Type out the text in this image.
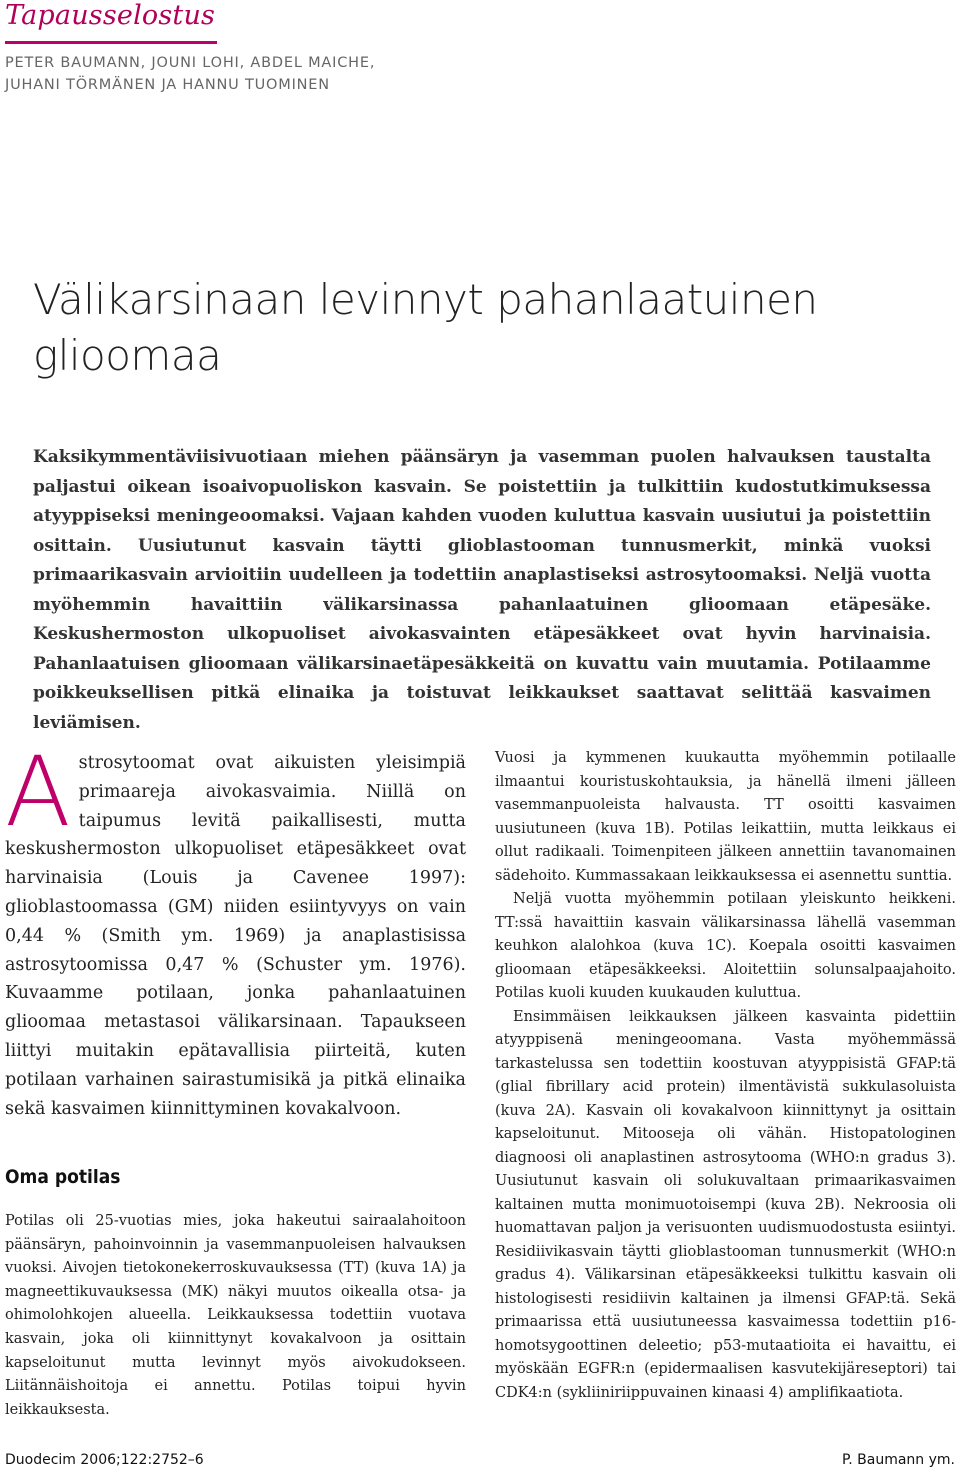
Tapausselostus
PETER BAUMANN, JOUNI LOHI, ABDEL MAICHE,
JUHANI TÖRMÄNEN JA HANNU TUOMINEN
Välikarsinaan levinnyt pahanlaatuinen glioomaa
Kaksikymmentäviisivuotiaan miehen päänsäryn ja vasemman puolen halvauksen taustalta paljastui oikean isoaivopuoliskon kasvain. Se poistettiin ja tulkittiin kudostutkimuksessa atyyppiseksi meningeoomaksi. Vajaan kahden vuoden kuluttua kasvain uusiutui ja poistettiin osittain. Uusiutunut kasvain täytti glioblastooman tunnusmerkit, minkä vuoksi primaarikasvain arvioitiin uudelleen ja todettiin anaplastiseksi astrosytoomaksi. Neljä vuotta myöhemmin havaittiin välikarsinassa pahanlaatuinen glioomaan etäpesäke. Keskushermoston ulkopuoliset aivokasvainten etäpesäkkeet ovat hyvin harvinaisia. Pahanlaatuisen glioomaan välikarsinaetäpesäkkeitä on kuvattu vain muutamia. Potilaamme poikkeuksellisen pitkä elinaika ja toistuvat leikkaukset saattavat selittää kasvaimen leviämisen.
A strosytoomat ovat aikuisten yleisimpiä primaareja aivokasvaimia. Niillä on taipumus levitä paikallisesti, mutta keskushermoston ulkopuoliset etäpesäkkeet ovat harvinaisia (Louis ja Cavenee 1997): glioblastoomassa (GM) niiden esiintyvyys on vain 0,44 % (Smith ym. 1969) ja anaplastisissa astrosytoomissa 0,47 % (Schuster ym. 1976). Kuvaamme potilaan, jonka pahanlaatuinen glioomaa metastasoi välikarsinaan. Tapaukseen liittyi muitakin epätavallisia piirteitä, kuten potilaan varhainen sairastumisikä ja pitkä elinaika sekä kasvaimen kiinnittyminen kovakalvoon.
Oma potilas
Potilas oli 25-vuotias mies, joka hakeutui sairaalahoitoon päänsäryn, pahoinvoinnin ja vasemmanpuoleisen halvauksen vuoksi. Aivojen tietokonekerroskuvauksessa (TT) (kuva 1A) ja magneettikuvauksessa (MK) näkyi muutos oikealla otsa- ja ohimolohkojen alueella. Leikkauksessa todettiin vuotava kasvain, joka oli kiinnittynyt kovakalvoon ja osittain kapseloitunut mutta levinnyt myös aivokudokseen. Liitännäishoitoja ei annettu. Potilas toipui hyvin leikkauksesta.

Vuosi ja kymmenen kuukautta myöhemmin potilaalle ilmaantui kouristuskohtauksia, ja hänellä ilmeni jälleen vasemmanpuoleista halvausta. TT osoitti kasvaimen uusiutuneen (kuva 1B). Potilas leikattiin, mutta leikkaus ei ollut radikaali. Toimenpiteen jälkeen annettiin tavanomainen sädehoito. Kummassakaan leikkauksessa ei asennettu sunttia.

Neljä vuotta myöhemmin potilaan yleiskunto heikkeni. TT:ssä havaittiin kasvain välikarsinassa lähellä vasemman keuhkon alalohkoa (kuva 1C). Koepala osoitti kasvaimen glioomaan etäpesäkkeeksi. Aloitettiin solunsalpaajahoito. Potilas kuoli kuuden kuukauden kuluttua.

Ensimmäisen leikkauksen jälkeen kasvainta pidettiin atyyppisenä meningeoomana. Vasta myöhemmässä tarkastelussa sen todettiin koostuvan atyyppisistä GFAP:tä (glial fibrillary acid protein) ilmentävistä sukkulasoluista (kuva 2A). Kasvain oli kovakalvoon kiinnittynyt ja osittain kapseloitunut. Mitooseja oli vähän. Histopatologinen diagnoosi oli anaplastinen astrosytooma (WHO:n gradus 3). Uusiutunut kasvain oli solukuvaltaan primaarikasvaimen kaltainen mutta monimuotoisempi (kuva 2B). Nekroosia oli huomattavan paljon ja verisuonten uudismuodostusta esiintyi. Residiivikasvain täytti glioblastooman tunnusmerkit (WHO:n gradus 4). Välikarsinan etäpesäkkeeksi tulkittu kasvain oli histologisesti residiivin kaltainen ja ilmensi GFAP:tä. Sekä primaarissa että uusiutuneessa kasvaimessa todettiin p16-homotsygoottinen deleetio; p53-mutaatioita ei havaittu, ei myöskään EGFR:n (epidermaalisen kasvutekijäreseptori) tai CDK4:n (sykliiniriippuvainen kinaasi 4) amplifikaatiota.

Duodecim 2006;122:2752–6	P. Baumann ym.
